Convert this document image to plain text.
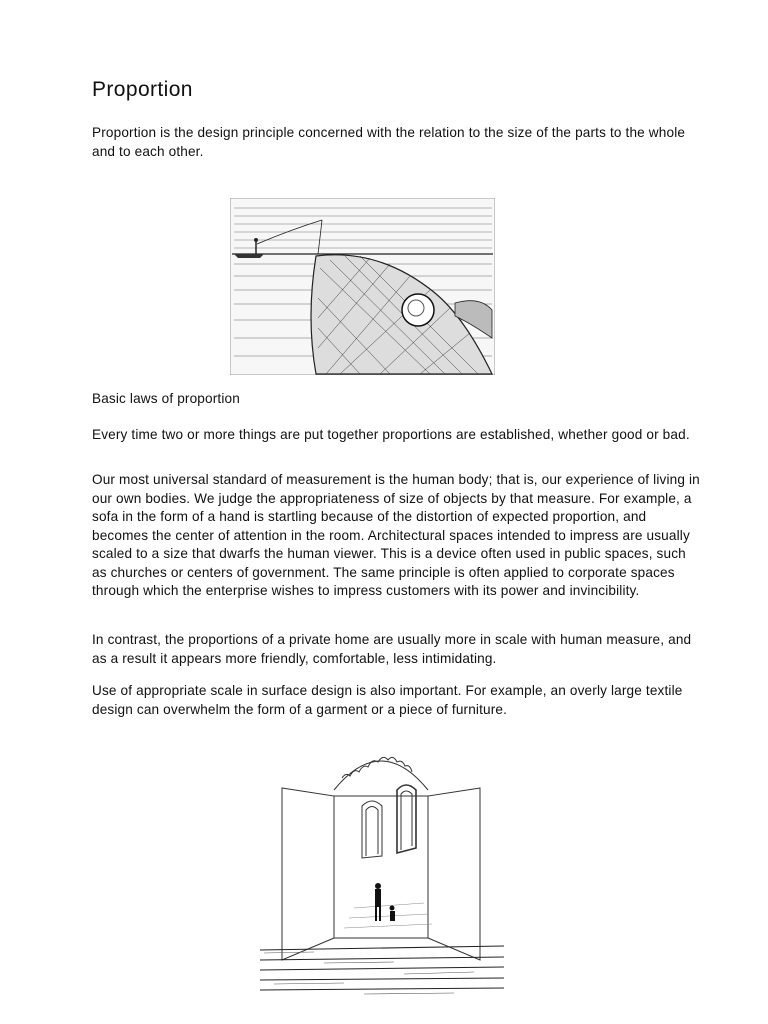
Proportion

Proportion is the design principle concerned with the relation to the size of the parts to the whole and to each other.

Basic laws of proportion

Every time two or more things are put together proportions are established, whether good or bad.

Our most universal standard of measurement is the human body; that is, our experience of living in our own bodies. We judge the appropriateness of size of objects by that measure. For example, a sofa in the form of a hand is startling because of the distortion of expected proportion, and becomes the center of attention in the room. Architectural spaces intended to impress are usually scaled to a size that dwarfs the human viewer. This is a device often used in public spaces, such as churches or centers of government. The same principle is often applied to corporate spaces through which the enterprise wishes to impress customers with its power and invincibility.

In contrast, the proportions of a private home are usually more in scale with human measure, and as a result it appears more friendly, comfortable, less intimidating.

Use of appropriate scale in surface design is also important. For example, an overly large textile design can overwhelm the form of a garment or a piece of furniture.
